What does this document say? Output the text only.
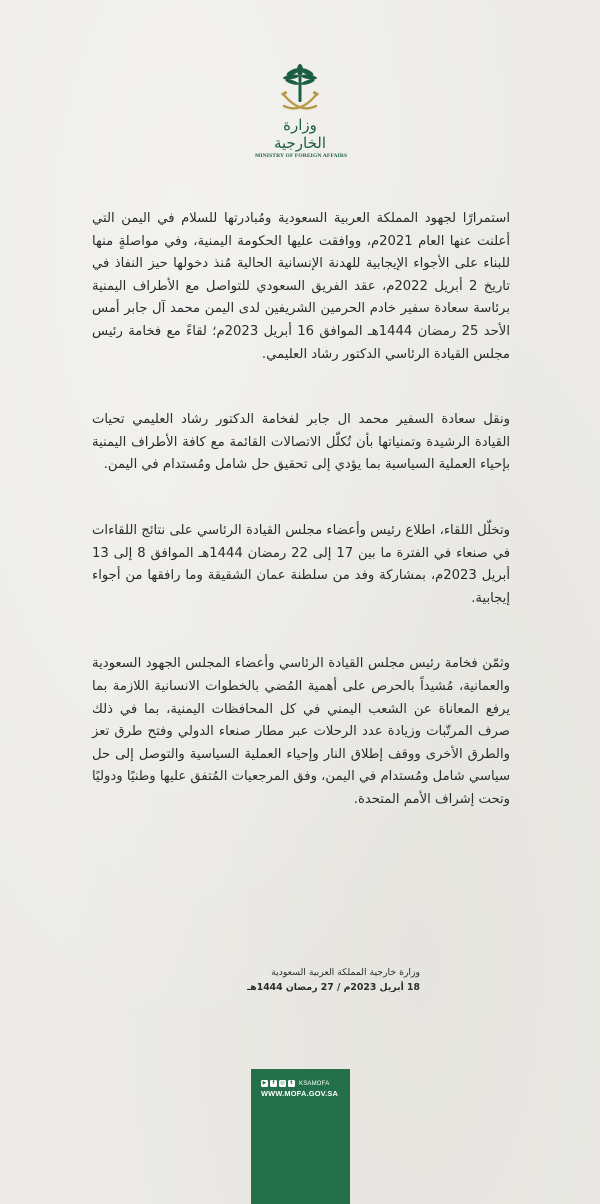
وزارة الخارجية
MINISTRY OF FOREIGN AFFAIRS

استمرارًا لجهود المملكة العربية السعودية ومُبادرتها للسلام في اليمن التي أعلنت عنها العام 2021م، ووافقت عليها الحكومة اليمنية، وفي مواصلةٍ منها للبناء على الأجواء الإيجابية للهدنة الإنسانية الحالية مُنذ دخولها حيز النفاذ في تاريخ 2 أبريل 2022م، عقد الفريق السعودي للتواصل مع الأطراف اليمنية برئاسة سعادة سفير خادم الحرمين الشريفين لدى اليمن محمد آل جابر أمس الأحد 25 رمضان 1444هـ الموافق 16 أبريل 2023م؛ لقاءً مع فخامة رئيس مجلس القيادة الرئاسي الدكتور رشاد العليمي.

ونقل سعادة السفير محمد ال جابر لفخامة الدكتور رشاد العليمي تحيات القيادة الرشيدة وتمنياتها بأن تُكلّل الاتصالات القائمة مع كافة الأطراف اليمنية بإحياء العملية السياسية بما يؤدي إلى تحقيق حل شامل ومُستدام في اليمن.

وتخلّل اللقاء، اطلاع رئيس وأعضاء مجلس القيادة الرئاسي على نتائج اللقاءات في صنعاء في الفترة ما بين 17 إلى 22 رمضان 1444هـ الموافق 8 إلى 13 أبريل 2023م، بمشاركة وفد من سلطنة عمان الشقيقة وما رافقها من أجواء إيجابية.

وثمّن فخامة رئيس مجلس القيادة الرئاسي وأعضاء المجلس الجهود السعودية والعمانية، مُشيداً بالحرص على أهمية المُضي بالخطوات الانسانية اللازمة بما يرفع المعاناة عن الشعب اليمني في كل المحافظات اليمنية، بما في ذلك صرف المرتّبات وزيادة عدد الرحلات عبر مطار صنعاء الدولي وفتح طرق تعز والطرق الأخرى ووقف إطلاق النار وإحياء العملية السياسية والتوصل إلى حل سياسي شامل ومُستدام في اليمن، وفق المرجعيات المُتفق عليها وطنيًا ودوليًا وتحت إشراف الأمم المتحدة.

وزارة خارجية المملكة العربية السعودية
18 أبريل 2023م / 27 رمضان 1444هـ
▶	f	◎	t	KSAMOFA
WWW.MOFA.GOV.SA
